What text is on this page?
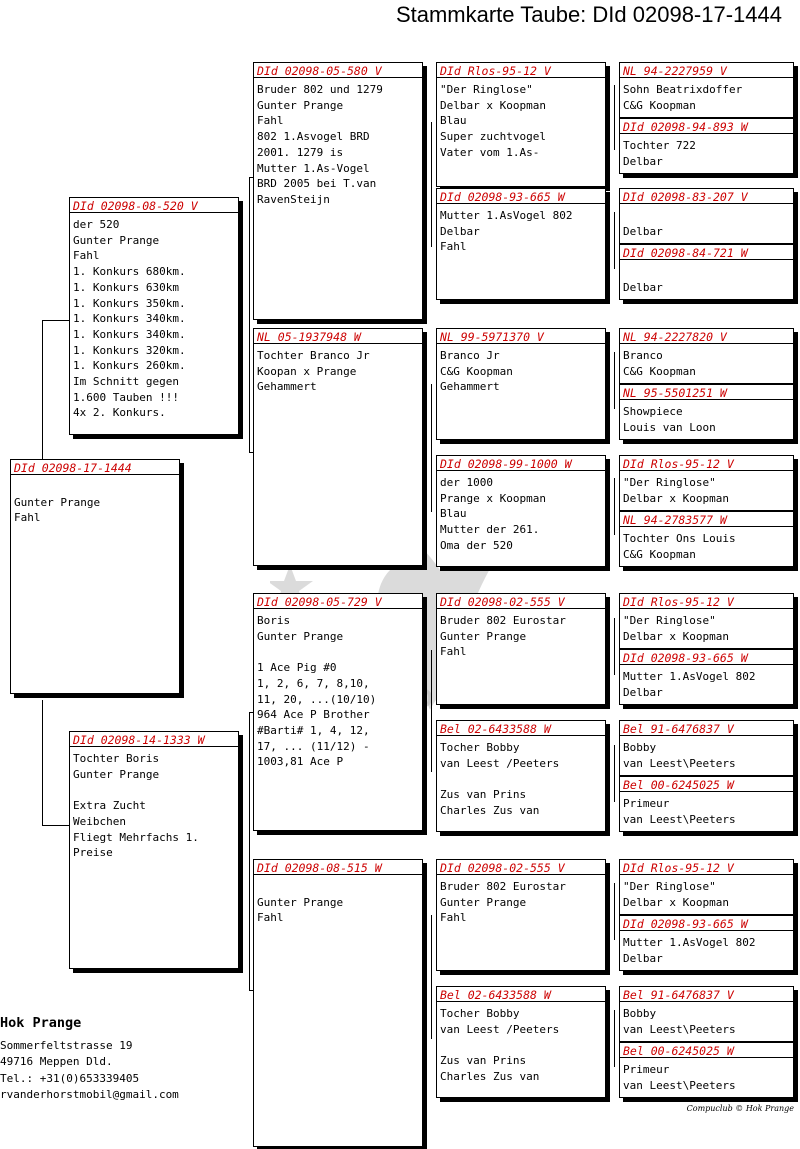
Stammkarte Taube: DId 02098-17-1444
DId 02098-17-1444
Gunter Prange
Fahl
DId 02098-08-520 V
der 520
Gunter Prange
Fahl
1. Konkurs 680km.
1. Konkurs 630km
1. Konkurs 350km.
1. Konkurs 340km.
1. Konkurs 340km.
1. Konkurs 320km.
1. Konkurs 260km.
Im Schnitt gegen
1.600 Tauben !!!
4x 2. Konkurs.
DId 02098-14-1333 W
Tochter Boris
Gunter Prange
Extra Zucht
Weibchen
Fliegt Mehrfachs 1.
Preise
DId 02098-05-580 V
Bruder 802 und 1279
Gunter Prange
Fahl
802 1.Asvogel BRD
2001. 1279 is
Mutter 1.As-Vogel
BRD 2005 bei T.van
RavenSteijn
NL 05-1937948 W
Tochter Branco Jr
Koopan x Prange
Gehammert
DId 02098-05-729 V
Boris
Gunter Prange
1 Ace Pig #0
1, 2, 6, 7, 8,10,
11, 20, ...(10/10)
964 Ace P Brother
#Barti# 1, 4, 12,
17, ... (11/12) -
1003,81 Ace P
DId 02098-08-515 W
Gunter Prange
Fahl
DId Rlos-95-12 V
"Der Ringlose"
Delbar x Koopman
Blau
Super zuchtvogel
Vater vom 1.As-
DId 02098-93-665 W
Mutter 1.AsVogel 802
Delbar
Fahl
NL 99-5971370 V
Branco Jr
C&G Koopman
Gehammert
DId 02098-99-1000 W
der 1000
Prange x Koopman
Blau
Mutter der 261.
Oma der 520
DId 02098-02-555 V
Bruder 802 Eurostar
Gunter Prange
Fahl
Bel 02-6433588 W
Tocher Bobby
van Leest /Peeters
Zus van Prins
Charles Zus van
DId 02098-02-555 V
Bruder 802 Eurostar
Gunter Prange
Fahl
Bel 02-6433588 W
Tocher Bobby
van Leest /Peeters
Zus van Prins
Charles Zus van
NL 94-2227959 V
Sohn Beatrixdoffer
C&G Koopman
DId 02098-94-893 W
Tochter 722
Delbar
DId 02098-83-207 V
Delbar
DId 02098-84-721 W
Delbar
NL 94-2227820 V
Branco
C&G Koopman
NL 95-5501251 W
Showpiece
Louis van Loon
DId Rlos-95-12 V
"Der Ringlose"
Delbar x Koopman
NL 94-2783577 W
Tochter Ons Louis
C&G Koopman
DId Rlos-95-12 V
"Der Ringlose"
Delbar x Koopman
DId 02098-93-665 W
Mutter 1.AsVogel 802
Delbar
Bel 91-6476837 V
Bobby
van Leest\Peeters
Bel 00-6245025 W
Primeur
van Leest\Peeters
DId Rlos-95-12 V
"Der Ringlose"
Delbar x Koopman
DId 02098-93-665 W
Mutter 1.AsVogel 802
Delbar
Bel 91-6476837 V
Bobby
van Leest\Peeters
Bel 00-6245025 W
Primeur
van Leest\Peeters
Hok Prange
Sommerfeltstrasse 19
49716 Meppen Dld.
Tel.: +31(0)653339405
rvanderhorstmobil@gmail.com
Compuclub © Hok Prange
